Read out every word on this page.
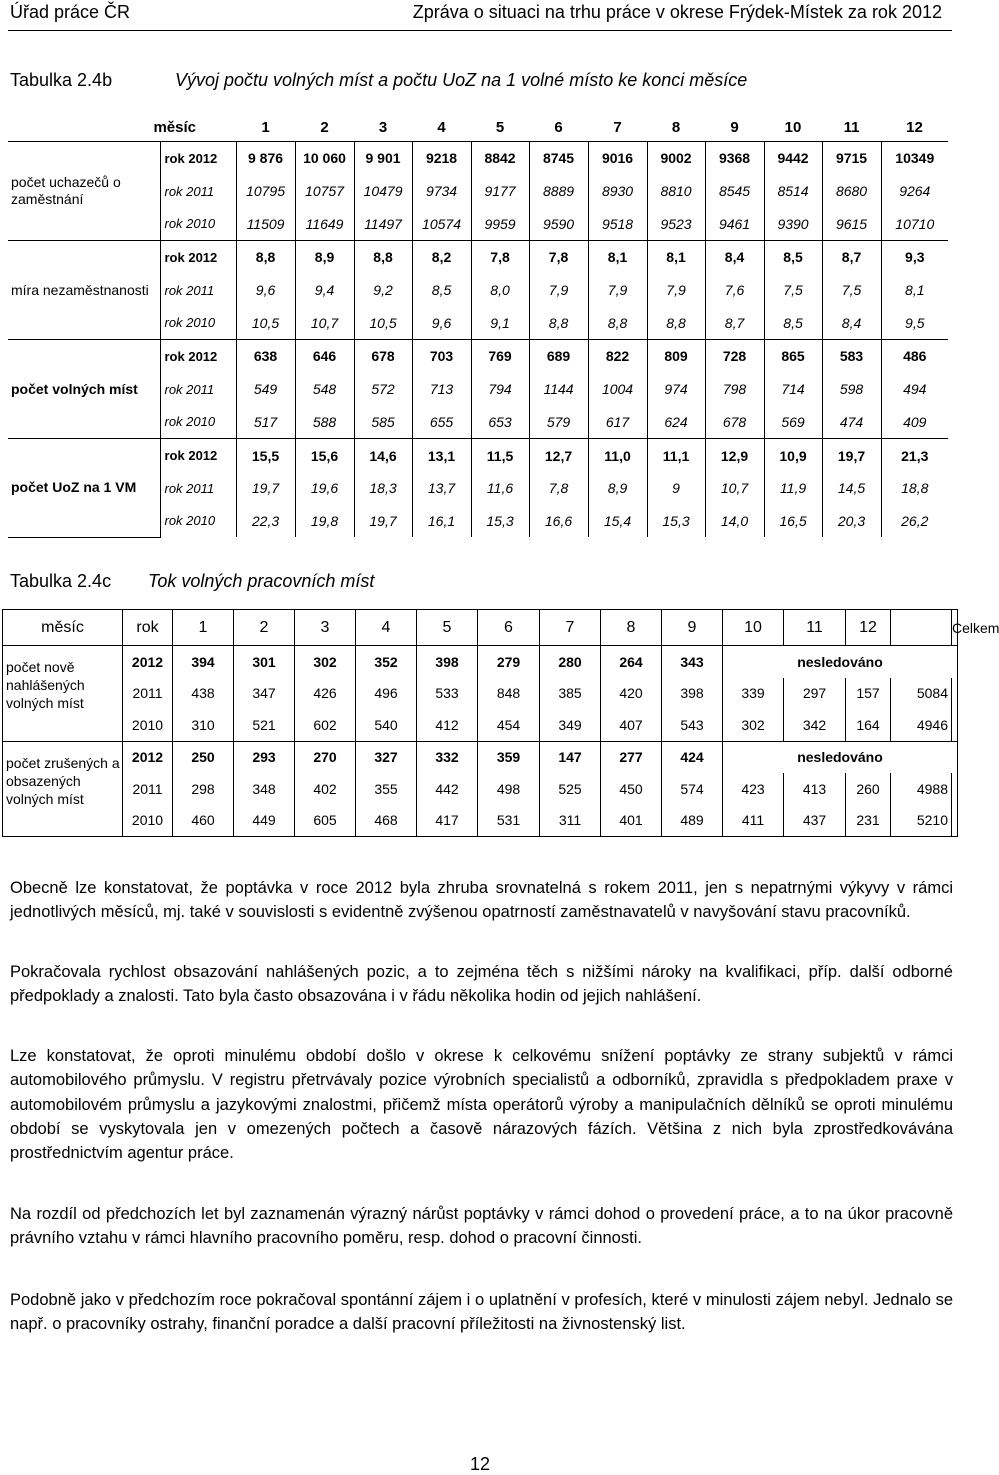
Úřad práce ČR	Zpráva o situaci na trhu práce v okrese Frýdek-Místek za rok 2012
Tabulka 2.4b	Vývoj počtu volných míst a počtu UoZ na 1 volné místo ke konci měsíce
měsíc		1	2	3	4	5	6	7	8	9	10	11	12
počet uchazečů o zaměstnání	rok 2012	9 876	10 060	9 901	9218	8842	8745	9016	9002	9368	9442	9715	10349
	rok 2011	10795	10757	10479	9734	9177	8889	8930	8810	8545	8514	8680	9264
	rok 2010	11509	11649	11497	10574	9959	9590	9518	9523	9461	9390	9615	10710
míra nezaměstnanosti	rok 2012	8,8	8,9	8,8	8,2	7,8	7,8	8,1	8,1	8,4	8,5	8,7	9,3
	rok 2011	9,6	9,4	9,2	8,5	8,0	7,9	7,9	7,9	7,6	7,5	7,5	8,1
	rok 2010	10,5	10,7	10,5	9,6	9,1	8,8	8,8	8,8	8,7	8,5	8,4	9,5
počet volných míst	rok 2012	638	646	678	703	769	689	822	809	728	865	583	486
	rok 2011	549	548	572	713	794	1144	1004	974	798	714	598	494
	rok 2010	517	588	585	655	653	579	617	624	678	569	474	409
počet UoZ na 1 VM	rok 2012	15,5	15,6	14,6	13,1	11,5	12,7	11,0	11,1	12,9	10,9	19,7	21,3
	rok 2011	19,7	19,6	18,3	13,7	11,6	7,8	8,9	9	10,7	11,9	14,5	18,8
	rok 2010	22,3	19,8	19,7	16,1	15,3	16,6	15,4	15,3	14,0	16,5	20,3	26,2
Tabulka 2.4c Tok volných pracovních míst
měsíc	rok	1	2	3	4	5	6	7	8	9	10	11	12		Celkem
počet nově nahlášených volných míst	2012	394	301	302	352	398	279	280	264	343	nesledováno				
	2011	438	347	426	496	533	848	385	420	398	339	297	157	5084	
	2010	310	521	602	540	412	454	349	407	543	302	342	164	4946	
počet zrušených a obsazených volných míst	2012	250	293	270	327	332	359	147	277	424	nesledováno				
	2011	298	348	402	355	442	498	525	450	574	423	413	260	4988	
	2010	460	449	605	468	417	531	311	401	489	411	437	231	5210	
Obecně lze konstatovat, že poptávka v roce 2012 byla zhruba srovnatelná s rokem 2011, jen s nepatrnými výkyvy v rámci jednotlivých měsíců, mj. také v souvislosti s evidentně zvýšenou opatrností zaměstnavatelů v navyšování stavu pracovníků.
Pokračovala rychlost obsazování nahlášených pozic, a to zejména těch s nižšími nároky na kvalifikaci, příp. další odborné předpoklady a znalosti. Tato byla často obsazována i v řádu několika hodin od jejich nahlášení.
Lze konstatovat, že oproti minulému období došlo v okrese k celkovému snížení poptávky ze strany subjektů v rámci automobilového průmyslu. V registru přetrvávaly pozice výrobních specialistů a odborníků, zpravidla s předpokladem praxe v automobilovém průmyslu a jazykovými znalostmi, přičemž místa operátorů výroby a manipulačních dělníků se oproti minulému období se vyskytovala jen v omezených počtech a časově nárazových fázích. Většina z nich byla zprostředkovávána prostřednictvím agentur práce.
Na rozdíl od předchozích let byl zaznamenán výrazný nárůst poptávky v rámci dohod o provedení práce, a to na úkor pracovně právního vztahu v rámci hlavního pracovního poměru, resp. dohod o pracovní činnosti.
Podobně jako v předchozím roce pokračoval spontánní zájem i o uplatnění v profesích, které v minulosti zájem nebyl. Jednalo se např. o pracovníky ostrahy, finanční poradce a další pracovní příležitosti na živnostenský list.
12
